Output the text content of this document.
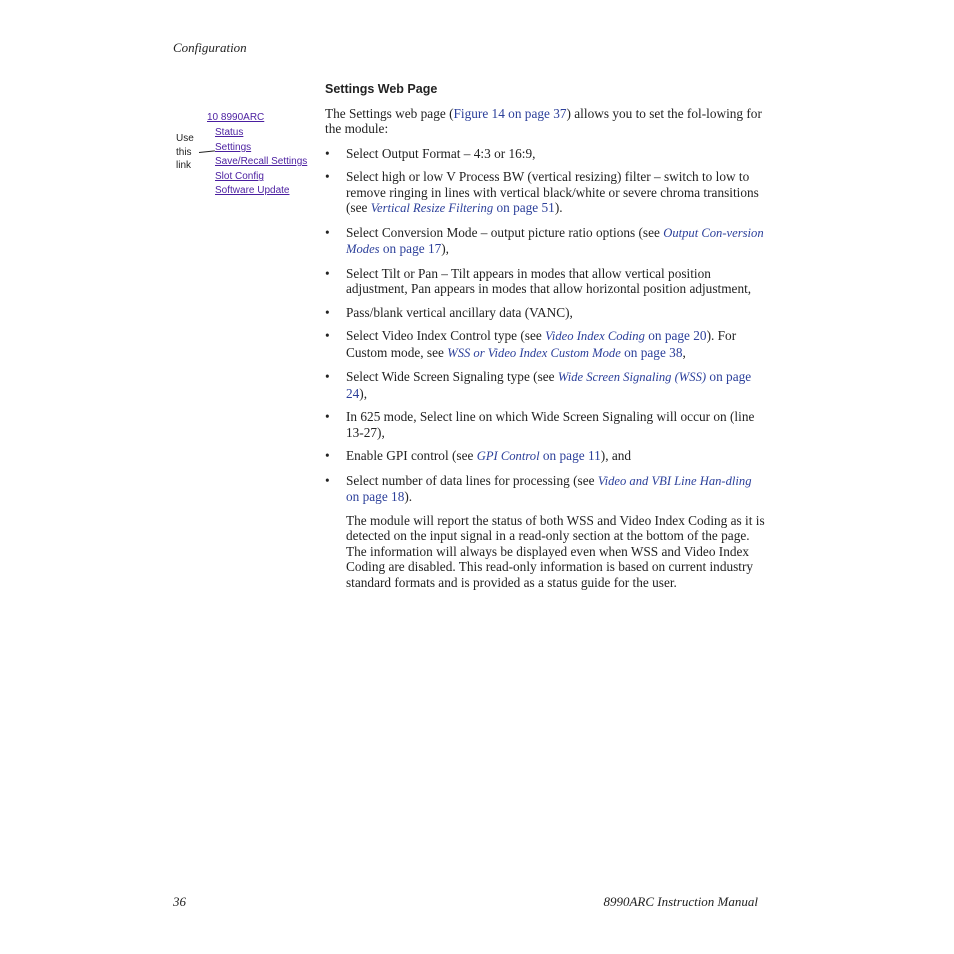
Configuration
10 8990ARC
Status
Settings
Save/Recall Settings
Slot Config
Software Update
Use
this
link
Settings Web Page

The Settings web page (Figure 14 on page 37) allows you to set the fol-lowing for the module:

• Select Output Format – 4:3 or 16:9,
• Select high or low V Process BW (vertical resizing) filter – switch to low to remove ringing in lines with vertical black/white or severe chroma transitions (see Vertical Resize Filtering on page 51).
• Select Conversion Mode – output picture ratio options (see Output Con-version Modes on page 17),
• Select Tilt or Pan – Tilt appears in modes that allow vertical position adjustment, Pan appears in modes that allow horizontal position adjustment,
• Pass/blank vertical ancillary data (VANC),
• Select Video Index Control type (see Video Index Coding on page 20). For Custom mode, see WSS or Video Index Custom Mode on page 38,
• Select Wide Screen Signaling type (see Wide Screen Signaling (WSS) on page 24),
• In 625 mode, Select line on which Wide Screen Signaling will occur on (line 13-27),
• Enable GPI control (see GPI Control on page 11), and
• Select number of data lines for processing (see Video and VBI Line Han-dling on page 18).

The module will report the status of both WSS and Video Index Coding as it is detected on the input signal in a read-only section at the bottom of the page. The information will always be displayed even when WSS and Video Index Coding are disabled. This read-only information is based on current industry standard formats and is provided as a status guide for the user.

36	8990ARC Instruction Manual
